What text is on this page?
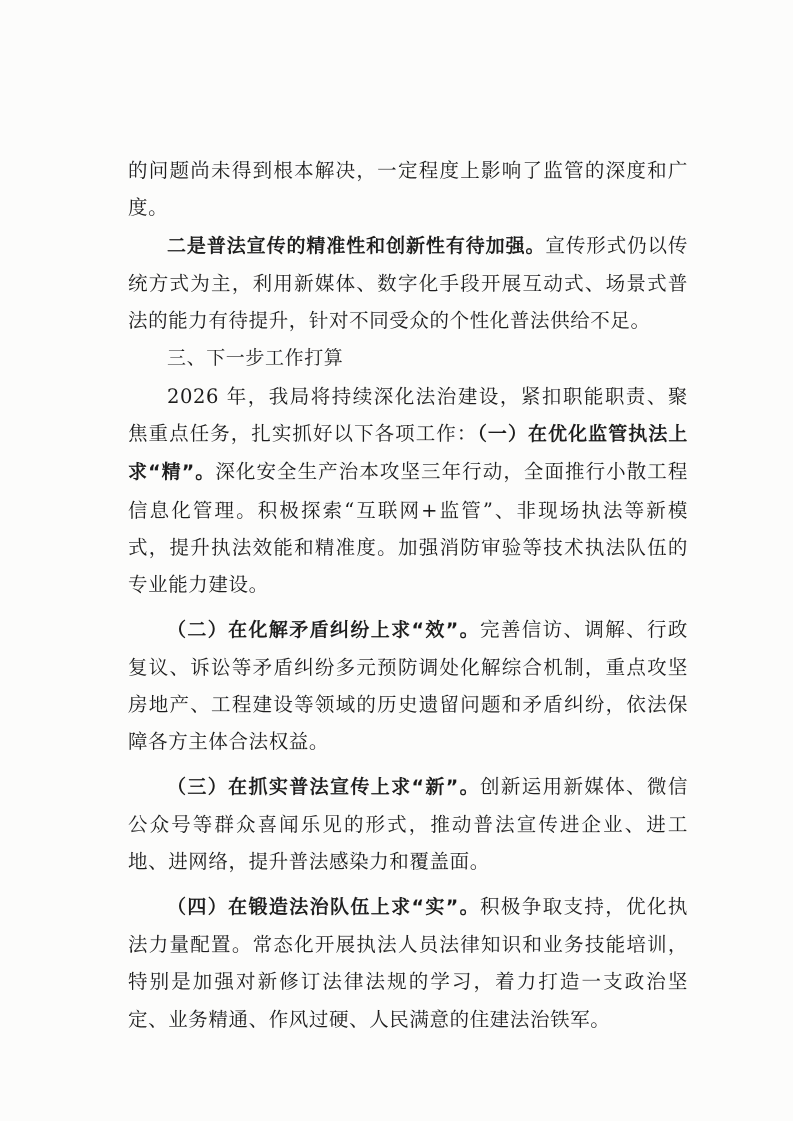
的问题尚未得到根本解决，一定程度上影响了监管的深度和广度。

二是普法宣传的精准性和创新性有待加强。宣传形式仍以传统方式为主，利用新媒体、数字化手段开展互动式、场景式普法的能力有待提升，针对不同受众的个性化普法供给不足。

三、下一步工作打算

2026 年，我局将持续深化法治建设，紧扣职能职责、聚焦重点任务，扎实抓好以下各项工作：（一）在优化监管执法上求“精”。深化安全生产治本攻坚三年行动，全面推行小散工程信息化管理。积极探索“互联网+监管”、非现场执法等新模式，提升执法效能和精准度。加强消防审验等技术执法队伍的专业能力建设。

（二）在化解矛盾纠纷上求“效”。完善信访、调解、行政复议、诉讼等矛盾纠纷多元预防调处化解综合机制，重点攻坚房地产、工程建设等领域的历史遗留问题和矛盾纠纷，依法保障各方主体合法权益。

（三）在抓实普法宣传上求“新”。创新运用新媒体、微信公众号等群众喜闻乐见的形式，推动普法宣传进企业、进工地、进网络，提升普法感染力和覆盖面。

（四）在锻造法治队伍上求“实”。积极争取支持，优化执法力量配置。常态化开展执法人员法律知识和业务技能培训，特别是加强对新修订法律法规的学习，着力打造一支政治坚定、业务精通、作风过硬、人民满意的住建法治铁军。
